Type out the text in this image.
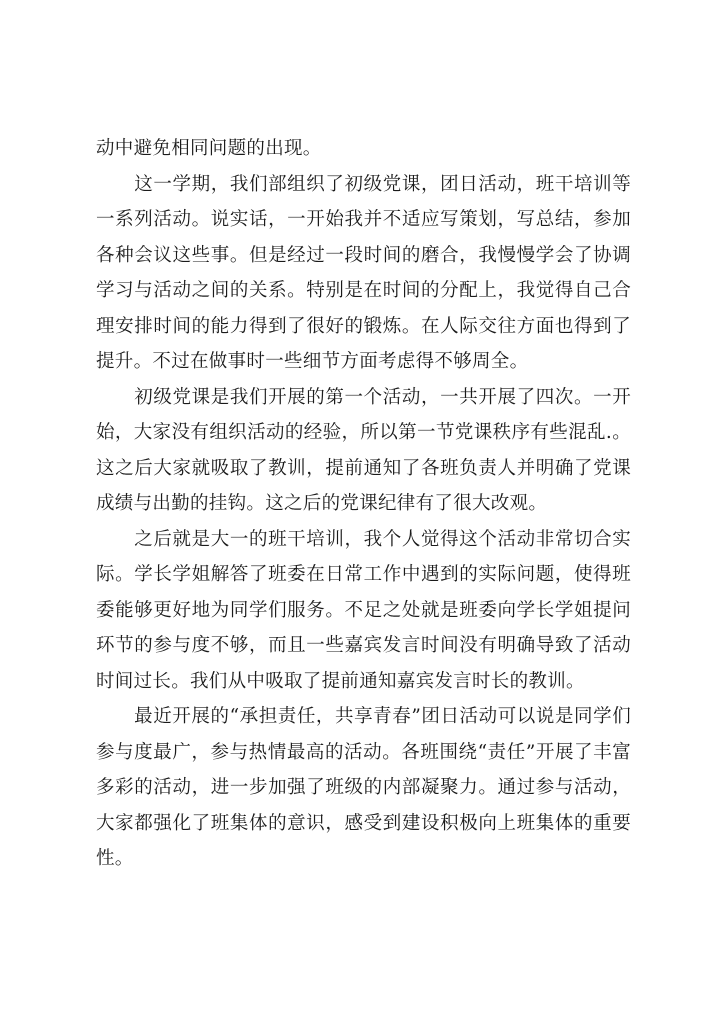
动中避免相同问题的出现。

　　这一学期，我们部组织了初级党课，团日活动，班干培训等一系列活动。说实话，一开始我并不适应写策划，写总结，参加各种会议这些事。但是经过一段时间的磨合，我慢慢学会了协调学习与活动之间的关系。特别是在时间的分配上，我觉得自己合理安排时间的能力得到了很好的锻炼。在人际交往方面也得到了提升。不过在做事时一些细节方面考虑得不够周全。

　　初级党课是我们开展的第一个活动，一共开展了四次。一开始，大家没有组织活动的经验，所以第一节党课秩序有些混乱.。这之后大家就吸取了教训，提前通知了各班负责人并明确了党课成绩与出勤的挂钩。这之后的党课纪律有了很大改观。

　　之后就是大一的班干培训，我个人觉得这个活动非常切合实际。学长学姐解答了班委在日常工作中遇到的实际问题，使得班委能够更好地为同学们服务。不足之处就是班委向学长学姐提问环节的参与度不够，而且一些嘉宾发言时间没有明确导致了活动时间过长。我们从中吸取了提前通知嘉宾发言时长的教训。

　　最近开展的“承担责任，共享青春”团日活动可以说是同学们参与度最广，参与热情最高的活动。各班围绕“责任”开展了丰富多彩的活动，进一步加强了班级的内部凝聚力。通过参与活动，大家都强化了班集体的意识，感受到建设积极向上班集体的重要性。
